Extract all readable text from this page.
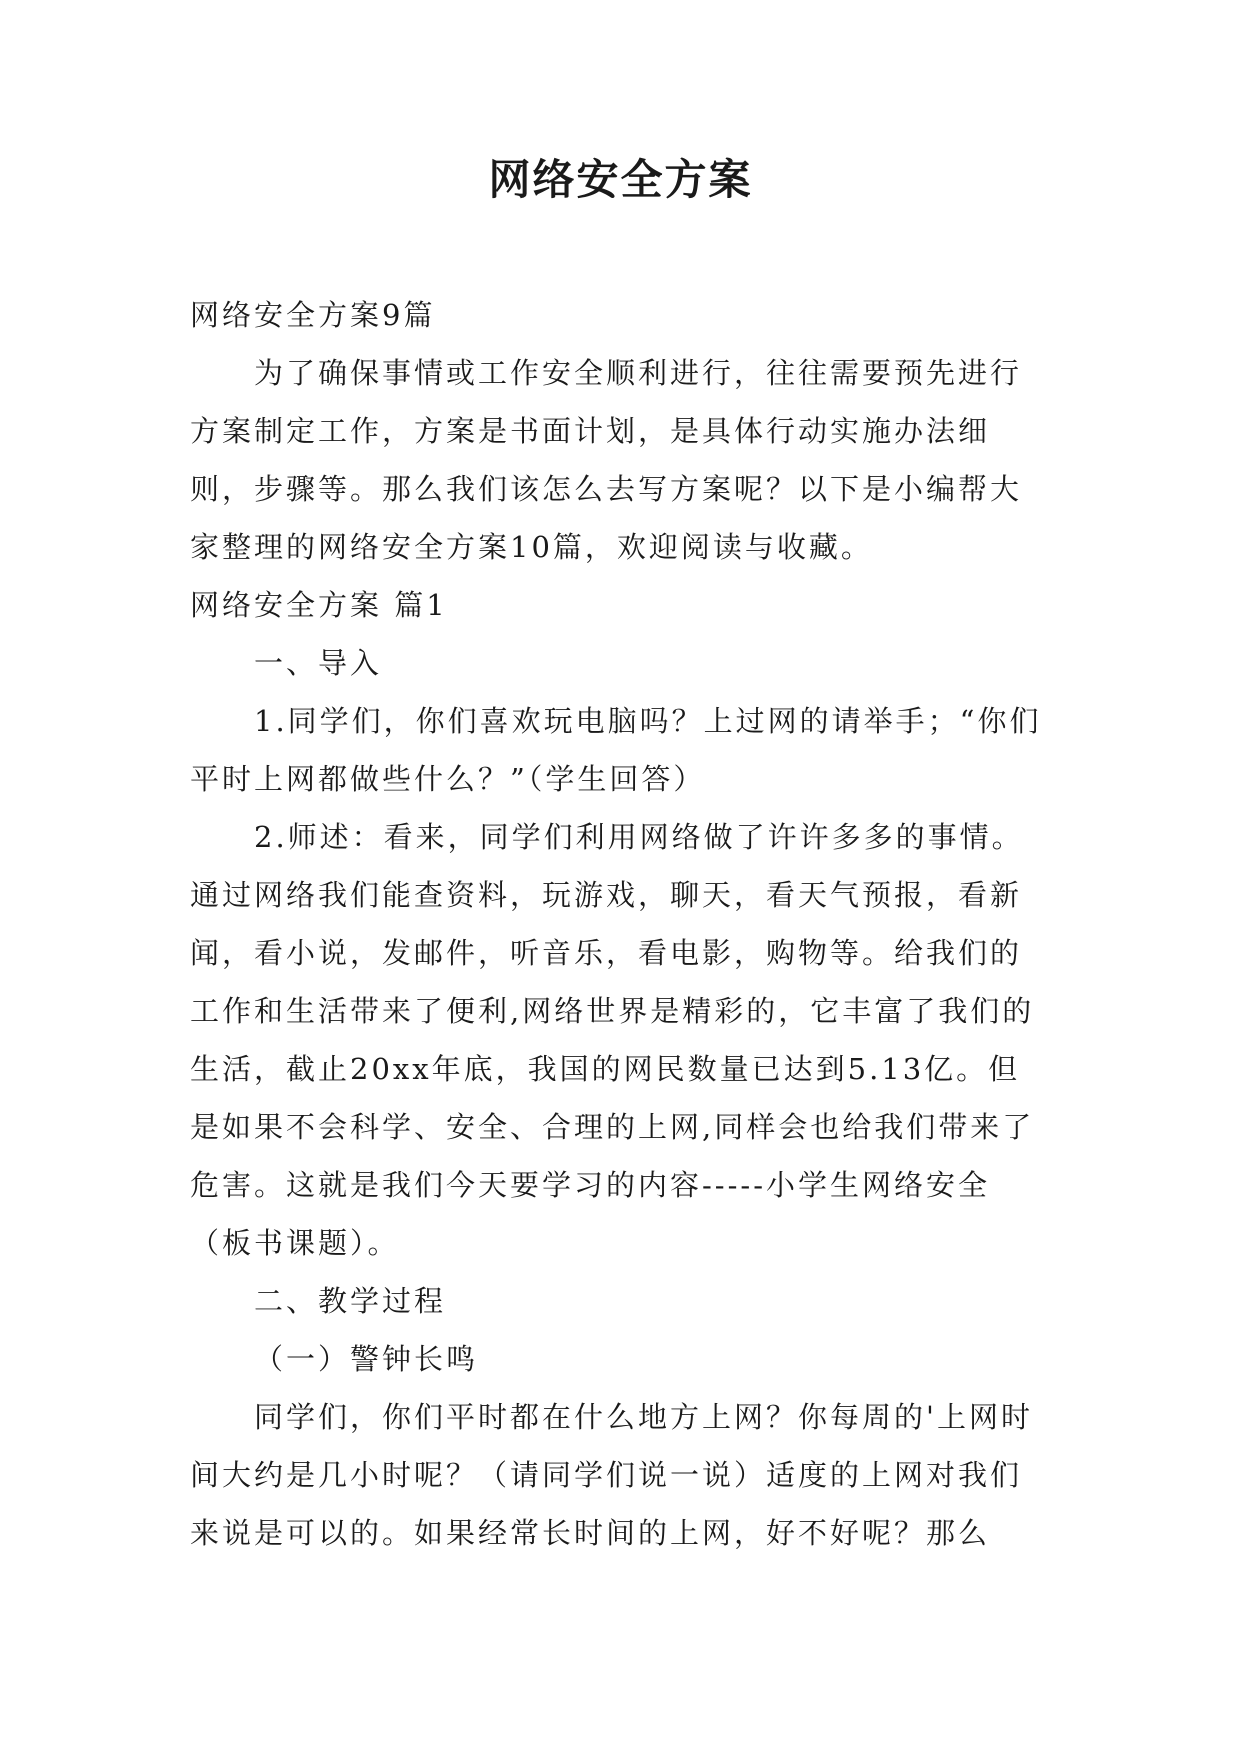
网络安全方案

网络安全方案9篇

为了确保事情或工作安全顺利进行，往往需要预先进行方案制定工作，方案是书面计划，是具体行动实施办法细则，步骤等。那么我们该怎么去写方案呢？以下是小编帮大家整理的网络安全方案10篇，欢迎阅读与收藏。

网络安全方案 篇1

一、导入

1.同学们，你们喜欢玩电脑吗？上过网的请举手；“你们平时上网都做些什么？”（学生回答）

2.师述：看来，同学们利用网络做了许许多多的事情。通过网络我们能查资料，玩游戏，聊天，看天气预报，看新闻，看小说，发邮件，听音乐，看电影，购物等。给我们的工作和生活带来了便利,网络世界是精彩的，它丰富了我们的生活，截止20xx年底，我国的网民数量已达到5.13亿。但是如果不会科学、安全、合理的上网,同样会也给我们带来了危害。这就是我们今天要学习的内容-----小学生网络安全（板书课题）。

二、教学过程

（一）警钟长鸣

同学们，你们平时都在什么地方上网？你每周的'上网时间大约是几小时呢？（请同学们说一说）适度的上网对我们来说是可以的。如果经常长时间的上网，好不好呢？那么
